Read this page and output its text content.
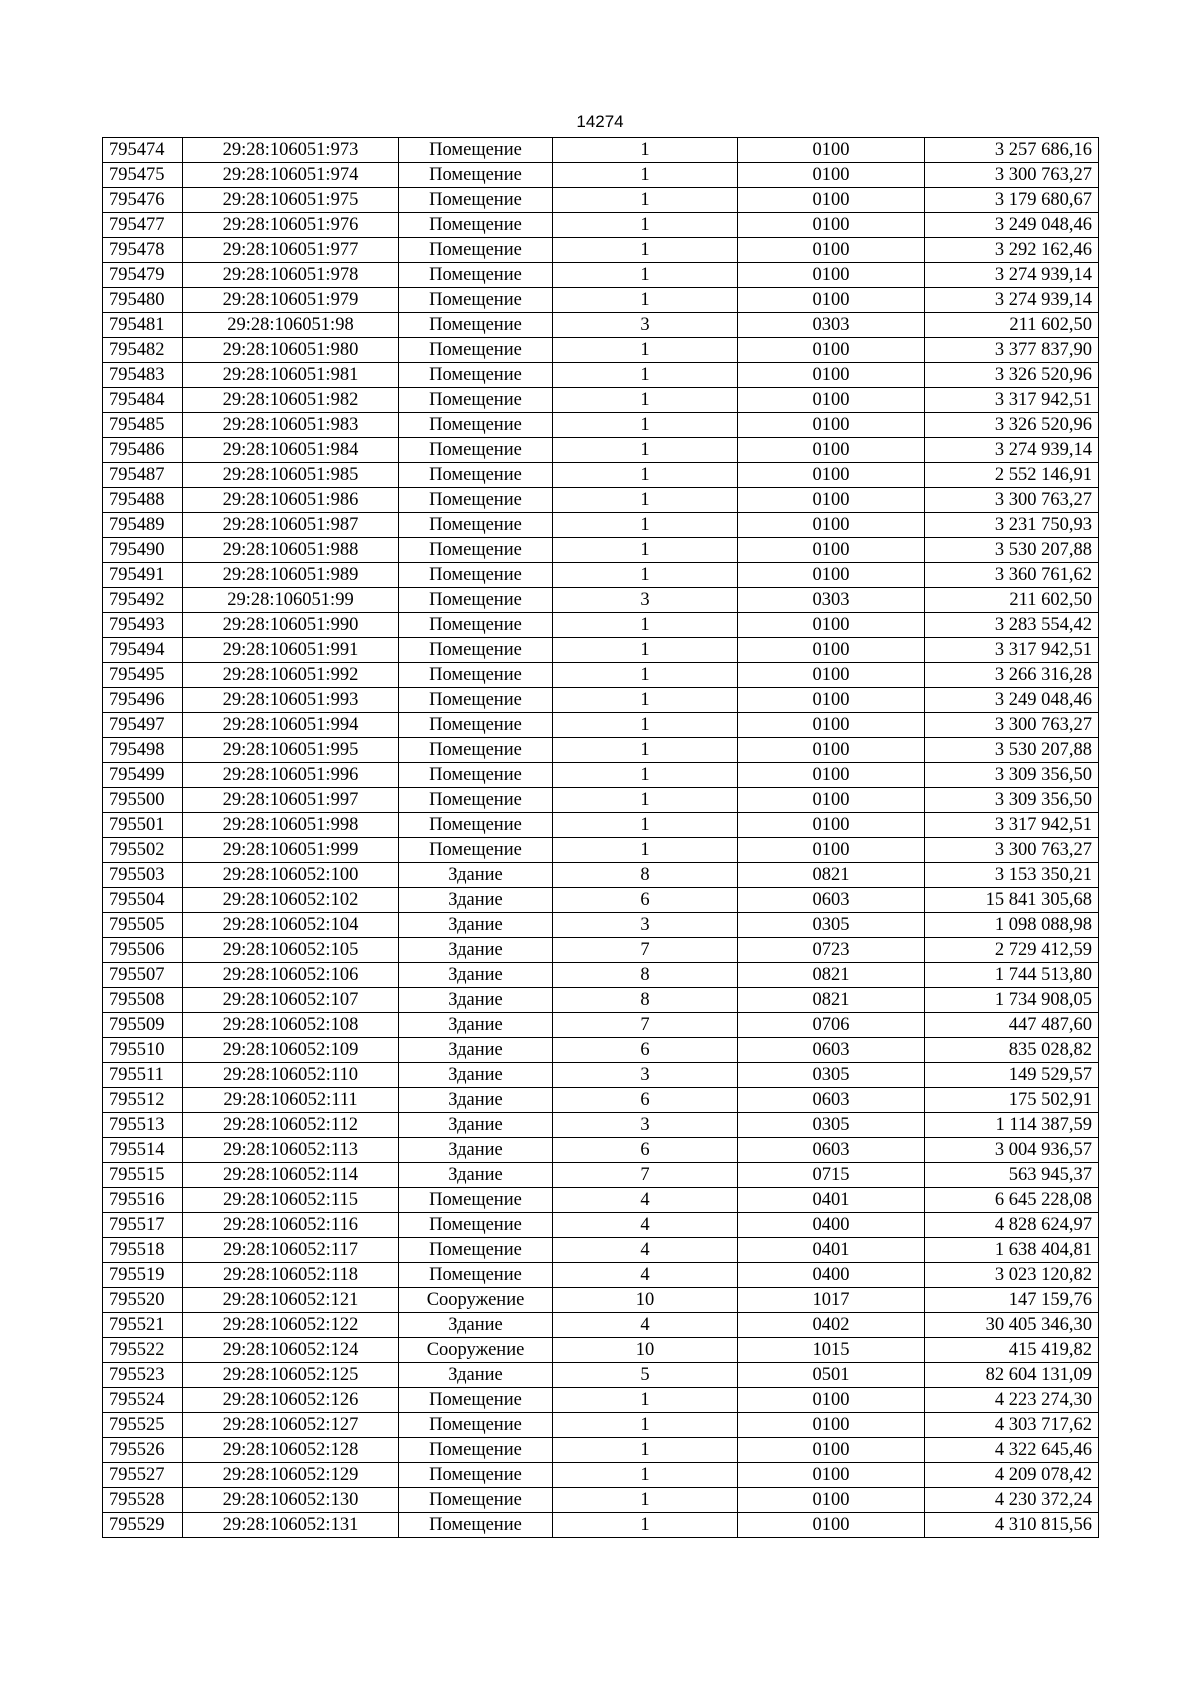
14274
795474	29:28:106051:973	Помещение	1	0100	3 257 686,16
795475	29:28:106051:974	Помещение	1	0100	3 300 763,27
795476	29:28:106051:975	Помещение	1	0100	3 179 680,67
795477	29:28:106051:976	Помещение	1	0100	3 249 048,46
795478	29:28:106051:977	Помещение	1	0100	3 292 162,46
795479	29:28:106051:978	Помещение	1	0100	3 274 939,14
795480	29:28:106051:979	Помещение	1	0100	3 274 939,14
795481	29:28:106051:98	Помещение	3	0303	211 602,50
795482	29:28:106051:980	Помещение	1	0100	3 377 837,90
795483	29:28:106051:981	Помещение	1	0100	3 326 520,96
795484	29:28:106051:982	Помещение	1	0100	3 317 942,51
795485	29:28:106051:983	Помещение	1	0100	3 326 520,96
795486	29:28:106051:984	Помещение	1	0100	3 274 939,14
795487	29:28:106051:985	Помещение	1	0100	2 552 146,91
795488	29:28:106051:986	Помещение	1	0100	3 300 763,27
795489	29:28:106051:987	Помещение	1	0100	3 231 750,93
795490	29:28:106051:988	Помещение	1	0100	3 530 207,88
795491	29:28:106051:989	Помещение	1	0100	3 360 761,62
795492	29:28:106051:99	Помещение	3	0303	211 602,50
795493	29:28:106051:990	Помещение	1	0100	3 283 554,42
795494	29:28:106051:991	Помещение	1	0100	3 317 942,51
795495	29:28:106051:992	Помещение	1	0100	3 266 316,28
795496	29:28:106051:993	Помещение	1	0100	3 249 048,46
795497	29:28:106051:994	Помещение	1	0100	3 300 763,27
795498	29:28:106051:995	Помещение	1	0100	3 530 207,88
795499	29:28:106051:996	Помещение	1	0100	3 309 356,50
795500	29:28:106051:997	Помещение	1	0100	3 309 356,50
795501	29:28:106051:998	Помещение	1	0100	3 317 942,51
795502	29:28:106051:999	Помещение	1	0100	3 300 763,27
795503	29:28:106052:100	Здание	8	0821	3 153 350,21
795504	29:28:106052:102	Здание	6	0603	15 841 305,68
795505	29:28:106052:104	Здание	3	0305	1 098 088,98
795506	29:28:106052:105	Здание	7	0723	2 729 412,59
795507	29:28:106052:106	Здание	8	0821	1 744 513,80
795508	29:28:106052:107	Здание	8	0821	1 734 908,05
795509	29:28:106052:108	Здание	7	0706	447 487,60
795510	29:28:106052:109	Здание	6	0603	835 028,82
795511	29:28:106052:110	Здание	3	0305	149 529,57
795512	29:28:106052:111	Здание	6	0603	175 502,91
795513	29:28:106052:112	Здание	3	0305	1 114 387,59
795514	29:28:106052:113	Здание	6	0603	3 004 936,57
795515	29:28:106052:114	Здание	7	0715	563 945,37
795516	29:28:106052:115	Помещение	4	0401	6 645 228,08
795517	29:28:106052:116	Помещение	4	0400	4 828 624,97
795518	29:28:106052:117	Помещение	4	0401	1 638 404,81
795519	29:28:106052:118	Помещение	4	0400	3 023 120,82
795520	29:28:106052:121	Сооружение	10	1017	147 159,76
795521	29:28:106052:122	Здание	4	0402	30 405 346,30
795522	29:28:106052:124	Сооружение	10	1015	415 419,82
795523	29:28:106052:125	Здание	5	0501	82 604 131,09
795524	29:28:106052:126	Помещение	1	0100	4 223 274,30
795525	29:28:106052:127	Помещение	1	0100	4 303 717,62
795526	29:28:106052:128	Помещение	1	0100	4 322 645,46
795527	29:28:106052:129	Помещение	1	0100	4 209 078,42
795528	29:28:106052:130	Помещение	1	0100	4 230 372,24
795529	29:28:106052:131	Помещение	1	0100	4 310 815,56
